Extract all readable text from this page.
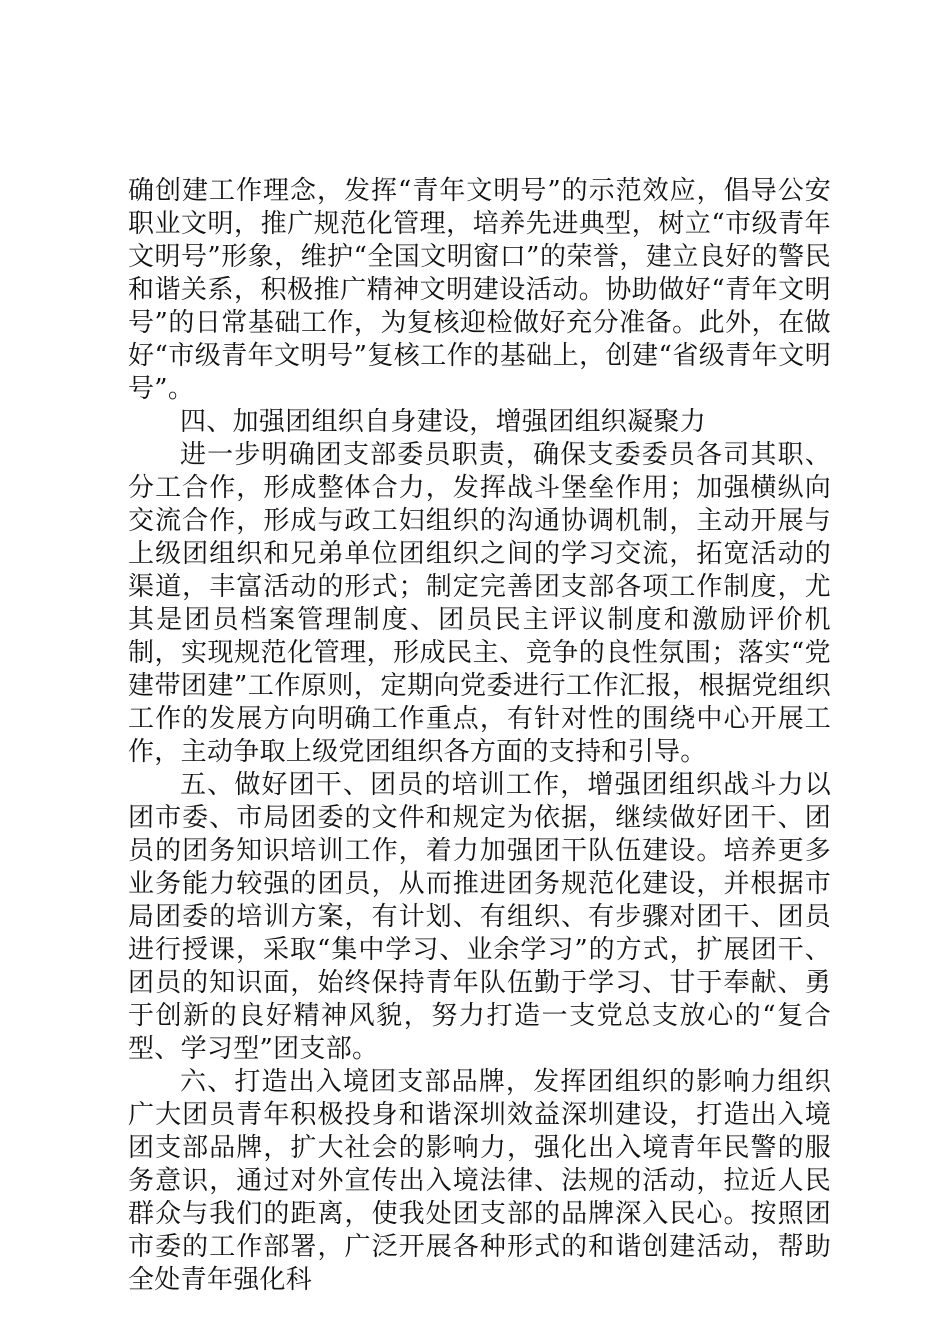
确创建工作理念，发挥“青年文明号”的示范效应，倡导公安职业文明，推广规范化管理，培养先进典型，树立“市级青年文明号”形象，维护“全国文明窗口”的荣誉，建立良好的警民和谐关系，积极推广精神文明建设活动。协助做好“青年文明号”的日常基础工作，为复核迎检做好充分准备。此外，在做好“市级青年文明号”复核工作的基础上，创建“省级青年文明号”。

四、加强团组织自身建设，增强团组织凝聚力

进一步明确团支部委员职责，确保支委委员各司其职、分工合作，形成整体合力，发挥战斗堡垒作用；加强横纵向交流合作，形成与政工妇组织的沟通协调机制，主动开展与上级团组织和兄弟单位团组织之间的学习交流，拓宽活动的渠道，丰富活动的形式；制定完善团支部各项工作制度，尤其是团员档案管理制度、团员民主评议制度和激励评价机制，实现规范化管理，形成民主、竞争的良性氛围；落实“党建带团建”工作原则，定期向党委进行工作汇报，根据党组织工作的发展方向明确工作重点，有针对性的围绕中心开展工作，主动争取上级党团组织各方面的支持和引导。

五、做好团干、团员的培训工作，增强团组织战斗力以团市委、市局团委的文件和规定为依据，继续做好团干、团员的团务知识培训工作，着力加强团干队伍建设。培养更多业务能力较强的团员，从而推进团务规范化建设，并根据市局团委的培训方案，有计划、有组织、有步骤对团干、团员进行授课，采取“集中学习、业余学习”的方式，扩展团干、团员的知识面，始终保持青年队伍勤于学习、甘于奉献、勇于创新的良好精神风貌，努力打造一支党总支放心的“复合型、学习型”团支部。

六、打造出入境团支部品牌，发挥团组织的影响力组织广大团员青年积极投身和谐深圳效益深圳建设，打造出入境团支部品牌，扩大社会的影响力，强化出入境青年民警的服务意识，通过对外宣传出入境法律、法规的活动，拉近人民群众与我们的距离，使我处团支部的品牌深入民心。按照团市委的工作部署，广泛开展各种形式的和谐创建活动，帮助全处青年强化科
